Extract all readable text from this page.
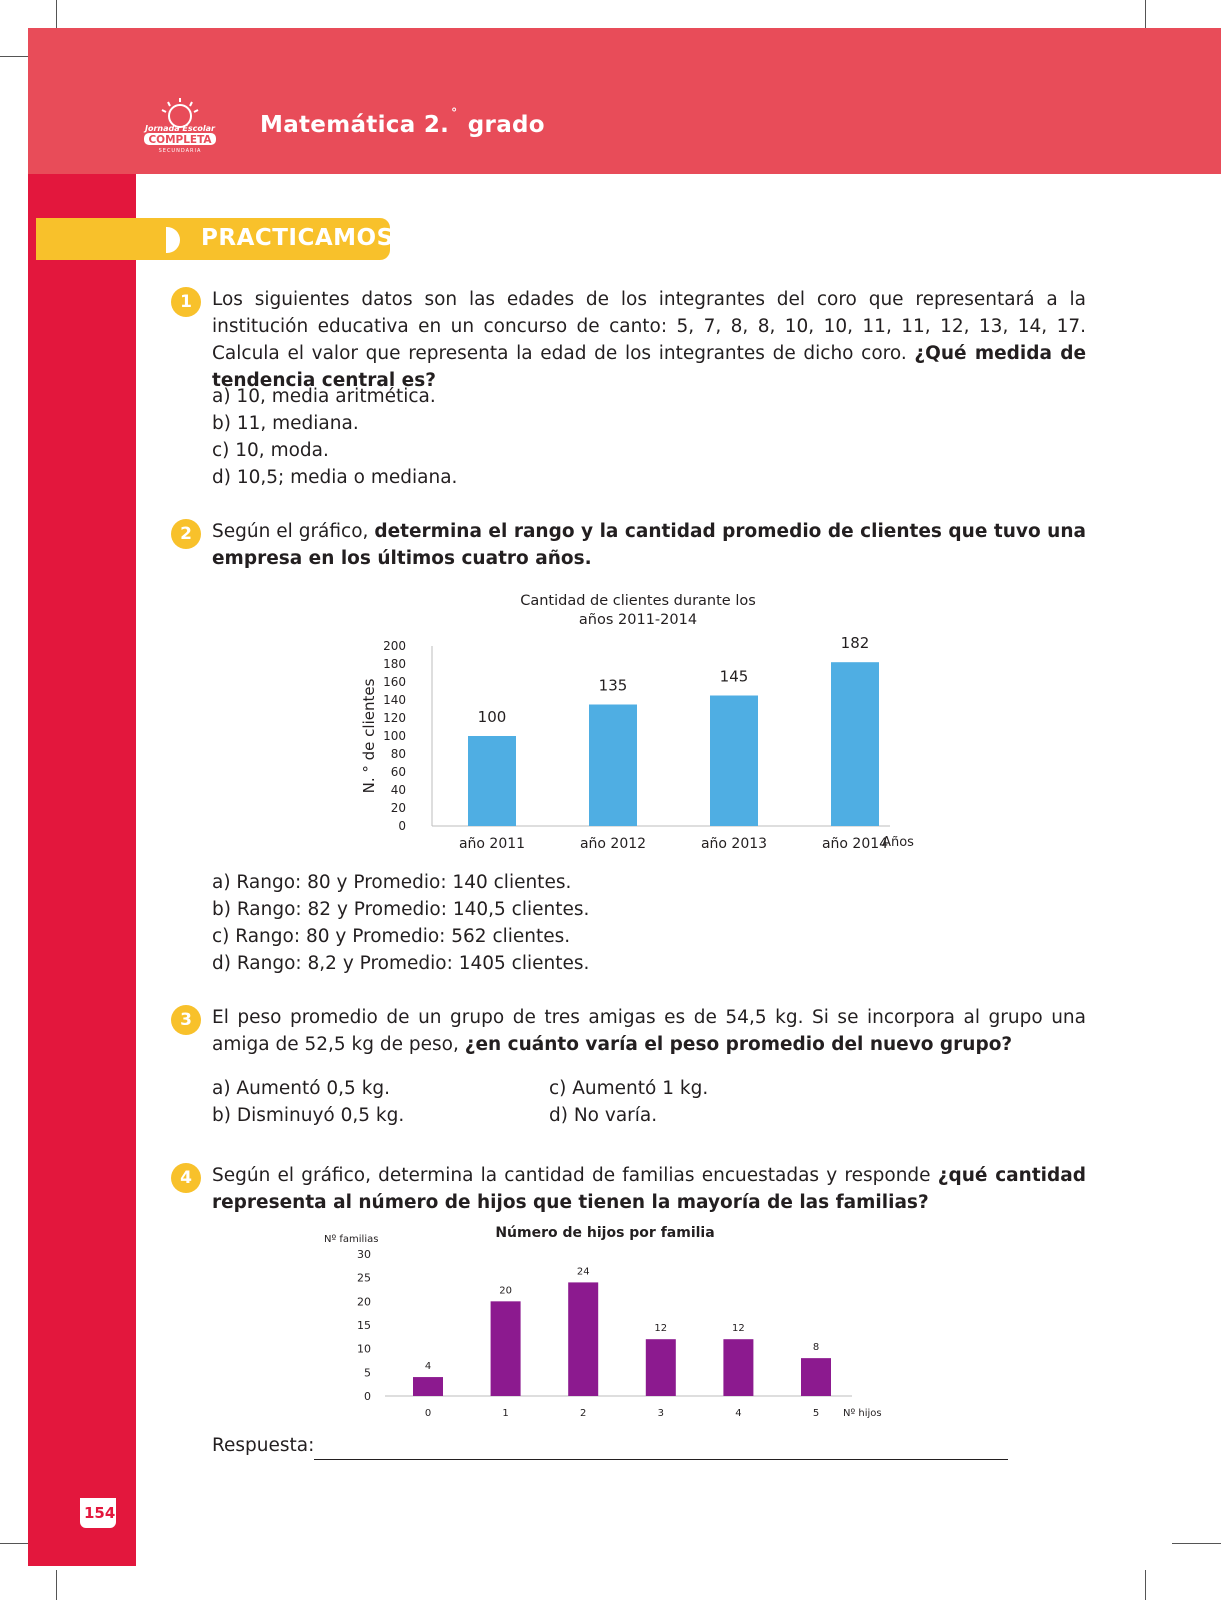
Jornada Escolar
COMPLETA
SECUNDARIA
Matemática 2. ° grado
PRACTICAMOS
1	Los siguientes datos son las edades de los integrantes del coro que representará a la institución educativa en un concurso de canto: 5, 7, 8, 8, 10, 10, 11, 11, 12, 13, 14, 17. Calcula el valor que representa la edad de los integrantes de dicho coro. ¿Qué medida de tendencia central es?
a) 10, media aritmética.
b) 11, mediana.
c) 10, moda.
d) 10,5; media o mediana.
2	Según el gráfico, determina el rango y la cantidad promedio de clientes que tuvo una empresa en los últimos cuatro años.
Cantidad de clientes durante los
años 2011-2014
0
20
40
60
80
100
120
140
160
180
200
N. ° de clientes	100
año 2011
135
año 2012
145
año 2013
182
año 2014
Años
a) Rango: 80 y Promedio: 140 clientes.
b) Rango: 82 y Promedio: 140,5 clientes.
c) Rango: 80 y Promedio: 562 clientes.
d) Rango: 8,2 y Promedio: 1405 clientes.
3	El peso promedio de un grupo de tres amigas es de 54,5 kg. Si se incorpora al grupo una amiga de 52,5 kg de peso, ¿en cuánto varía el peso promedio del nuevo grupo?
a) Aumentó 0,5 kg.
b) Disminuyó 0,5 kg.
c) Aumentó 1 kg.
d) No varía.
4	Según el gráfico, determina la cantidad de familias encuestadas y responde ¿qué cantidad representa al número de hijos que tienen la mayoría de las familias?
Número de hijos por familia
0
5
10
15
20
25
30
Nº familias
4
0
20
1
24
2
12
3
12
4
8
5 Nº hijos
Respuesta:
154
